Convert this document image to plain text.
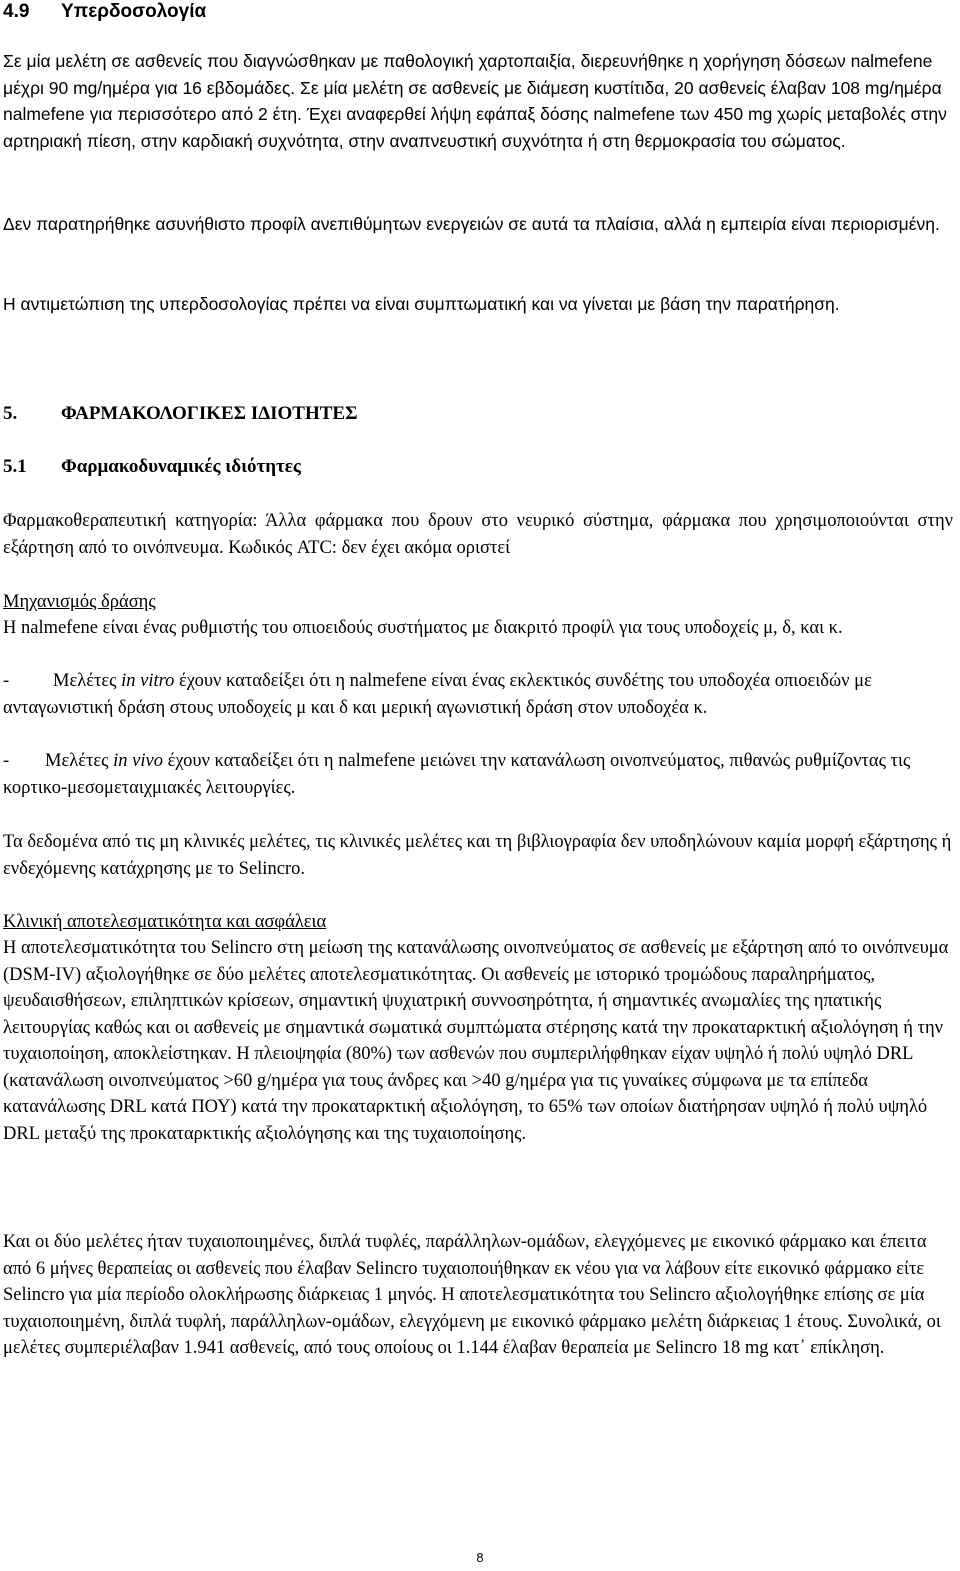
4.9 Υπερδοσολογία

Σε μία μελέτη σε ασθενείς που διαγνώσθηκαν με παθολογική χαρτοπαιξία, διερευνήθηκε η χορήγηση δόσεων nalmefene μέχρι 90 mg/ημέρα για 16 εβδομάδες. Σε μία μελέτη σε ασθενείς με διάμεση κυστίτιδα, 20 ασθενείς έλαβαν 108 mg/ημέρα nalmefene για περισσότερο από 2 έτη. Έχει αναφερθεί λήψη εφάπαξ δόσης nalmefene των 450 mg χωρίς μεταβολές στην αρτηριακή πίεση, στην καρδιακή συχνότητα, στην αναπνευστική συχνότητα ή στη θερμοκρασία του σώματος.

Δεν παρατηρήθηκε ασυνήθιστο προφίλ ανεπιθύμητων ενεργειών σε αυτά τα πλαίσια, αλλά η εμπειρία είναι περιορισμένη.

Η αντιμετώπιση της υπερδοσολογίας πρέπει να είναι συμπτωματική και να γίνεται με βάση την παρατήρηση.

5. ΦΑΡΜΑΚΟΛΟΓΙΚΕΣ ΙΔΙΟΤΗΤΕΣ
5.1 Φαρμακοδυναμικές ιδιότητες

Φαρμακοθεραπευτική κατηγορία: Άλλα φάρμακα που δρουν στο νευρικό σύστημα, φάρμακα που χρησιμοποιούνται στην εξάρτηση από το οινόπνευμα. Κωδικός ATC: δεν έχει ακόμα οριστεί

Μηχανισμός δράσης

Η nalmefene είναι ένας ρυθμιστής του οπιοειδούς συστήματος με διακριτό προφίλ για τους υποδοχείς μ, δ, και κ.

- Μελέτες in vitro έχουν καταδείξει ότι η nalmefene είναι ένας εκλεκτικός συνδέτης του υποδοχέα οπιοειδών με ανταγωνιστική δράση στους υποδοχείς μ και δ και μερική αγωνιστική δράση στον υποδοχέα κ.

- Μελέτες in vivo έχουν καταδείξει ότι η nalmefene μειώνει την κατανάλωση οινοπνεύματος, πιθανώς ρυθμίζοντας τις κορτικο-μεσομεταιχμιακές λειτουργίες.

Τα δεδομένα από τις μη κλινικές μελέτες, τις κλινικές μελέτες και τη βιβλιογραφία δεν υποδηλώνουν καμία μορφή εξάρτησης ή ενδεχόμενης κατάχρησης με το Selincro.

Κλινική αποτελεσματικότητα και ασφάλεια

Η αποτελεσματικότητα του Selincro στη μείωση της κατανάλωσης οινοπνεύματος σε ασθενείς με εξάρτηση από το οινόπνευμα (DSM-IV) αξιολογήθηκε σε δύο μελέτες αποτελεσματικότητας. Οι ασθενείς με ιστορικό τρομώδους παραληρήματος, ψευδαισθήσεων, επιληπτικών κρίσεων, σημαντική ψυχιατρική συννοσηρότητα, ή σημαντικές ανωμαλίες της ηπατικής λειτουργίας καθώς και οι ασθενείς με σημαντικά σωματικά συμπτώματα στέρησης κατά την προκαταρκτική αξιολόγηση ή την τυχαιοποίηση, αποκλείστηκαν. Η πλειοψηφία (80%) των ασθενών που συμπεριλήφθηκαν είχαν υψηλό ή πολύ υψηλό DRL (κατανάλωση οινοπνεύματος >60 g/ημέρα για τους άνδρες και >40 g/ημέρα για τις γυναίκες σύμφωνα με τα επίπεδα κατανάλωσης DRL κατά ΠΟΥ) κατά την προκαταρκτική αξιολόγηση, το 65% των οποίων διατήρησαν υψηλό ή πολύ υψηλό DRL μεταξύ της προκαταρκτικής αξιολόγησης και της τυχαιοποίησης.

Και οι δύο μελέτες ήταν τυχαιοποιημένες, διπλά τυφλές, παράλληλων-ομάδων, ελεγχόμενες με εικονικό φάρμακο και έπειτα από 6 μήνες θεραπείας οι ασθενείς που έλαβαν Selincro τυχαιοποιήθηκαν εκ νέου για να λάβουν είτε εικονικό φάρμακο είτε Selincro για μία περίοδο ολοκλήρωσης διάρκειας 1 μηνός. Η αποτελεσματικότητα του Selincro αξιολογήθηκε επίσης σε μία τυχαιοποιημένη, διπλά τυφλή, παράλληλων-ομάδων, ελεγχόμενη με εικονικό φάρμακο μελέτη διάρκειας 1 έτους. Συνολικά, οι μελέτες συμπεριέλαβαν 1.941 ασθενείς, από τους οποίους οι 1.144 έλαβαν θεραπεία με Selincro 18 mg κατ᾽ επίκληση.

8
